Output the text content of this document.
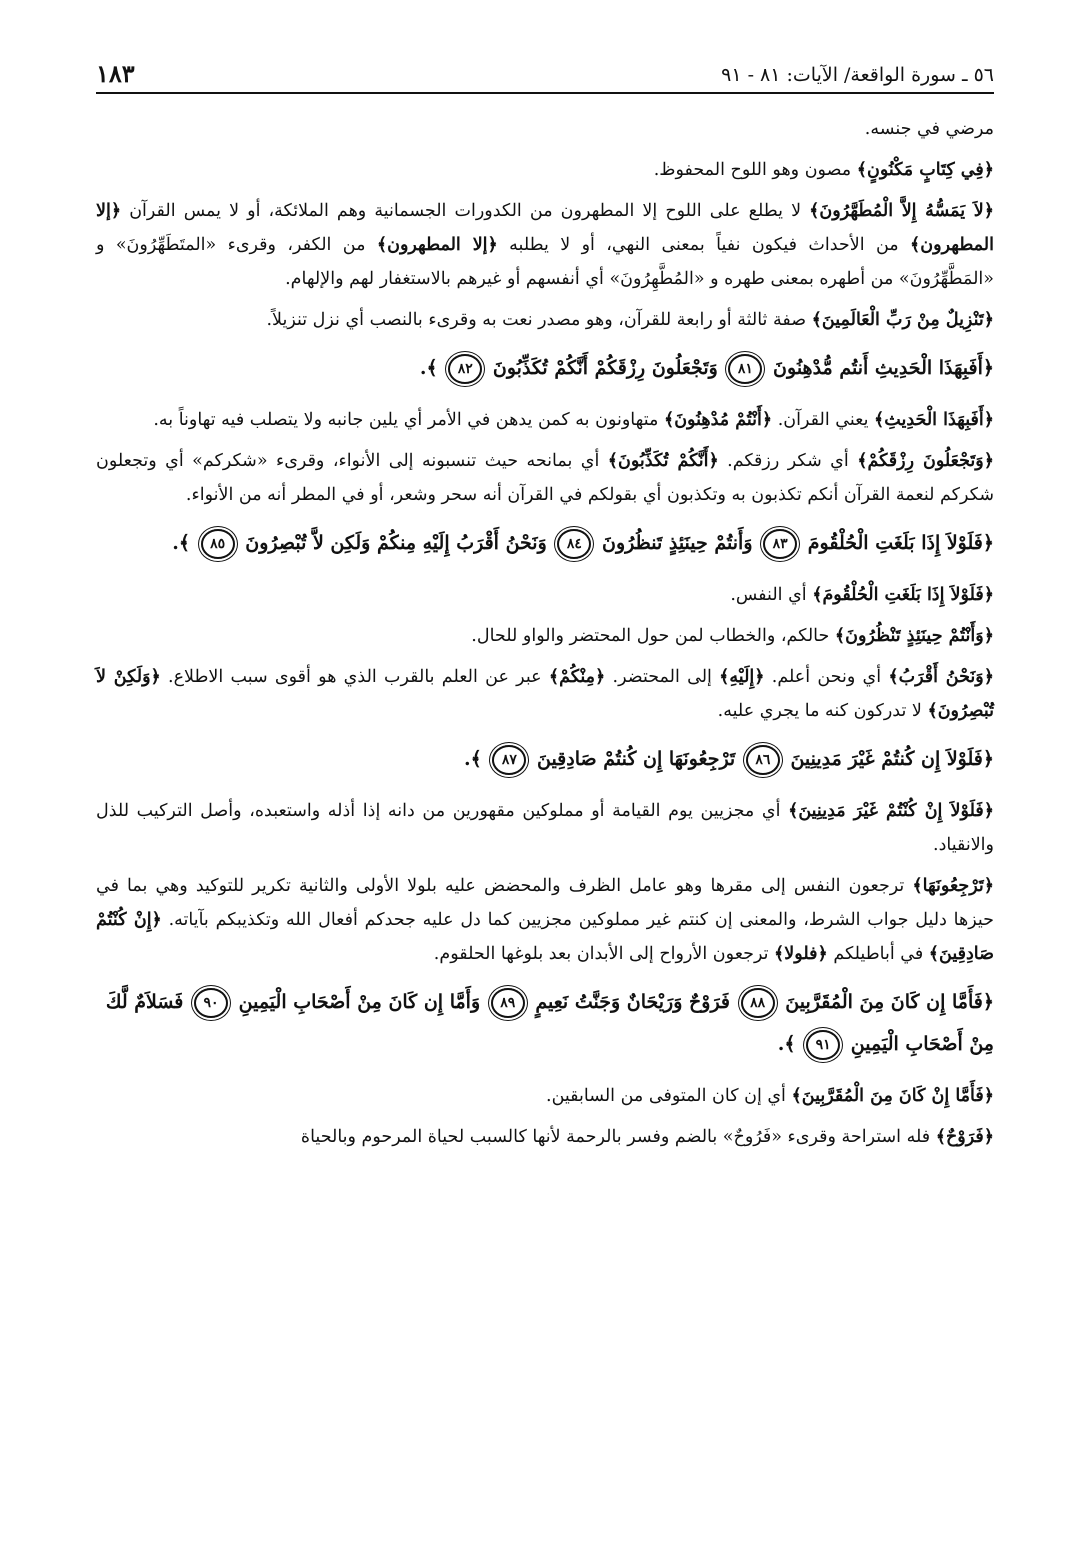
٥٦ ـ سورة الواقعة/ الآيات: ٨١ - ٩١
١٨٣

مرضي في جنسه.

﴿فِي كِتَابٍ مَكْنُونٍ﴾ مصون وهو اللوح المحفوظ.

﴿لاَ يَمَسُّهُ إِلاَّ الْمُطَهَّرُونَ﴾ لا يطلع على اللوح إلا المطهرون من الكدورات الجسمانية وهم الملائكة، أو لا يمس القرآن ﴿إلا المطهرون﴾ من الأحداث فيكون نفياً بمعنى النهي، أو لا يطلبه ﴿إلا المطهرون﴾ من الكفر، وقرىء «المتَطَهِّرُونَ» و «المَطَّهِّرُونَ» من أطهره بمعنى طهره و «المُطَّهِرُونَ» أي أنفسهم أو غيرهم بالاستغفار لهم والإلهام.

﴿تَنْزِيلٌ مِنْ رَبِّ الْعَالَمِينَ﴾ صفة ثالثة أو رابعة للقرآن، وهو مصدر نعت به وقرىء بالنصب أي نزل تنزيلاً.

﴿أَفَبِهَذَا الْحَدِيثِ أَنتُم مُّدْهِنُونَ ٨١ وَتَجْعَلُونَ رِزْقَكُمْ أَنَّكُمْ تُكَذِّبُونَ ٨٢ ﴾.

﴿أَفَبِهَذَا الْحَدِيثِ﴾ يعني القرآن. ﴿أَنْتُمْ مُدْهِنُونَ﴾ متهاونون به كمن يدهن في الأمر أي يلين جانبه ولا يتصلب فيه تهاوناً به.

﴿وَتَجْعَلُونَ رِزْقَكُمْ﴾ أي شكر رزقكم. ﴿أَنَّكُمْ تُكَذِّبُونَ﴾ أي بمانحه حيث تنسبونه إلى الأنواء، وقرىء «شكركم» أي وتجعلون شكركم لنعمة القرآن أنكم تكذبون به وتكذبون أي بقولكم في القرآن أنه سحر وشعر، أو في المطر أنه من الأنواء.

﴿فَلَوْلاَ إِذَا بَلَغَتِ الْحُلْقُومَ ٨٣ وَأَنتُمْ حِينَئِذٍ تَنظُرُونَ ٨٤ وَنَحْنُ أَقْرَبُ إِلَيْهِ مِنكُمْ وَلَكِن لاَّ تُبْصِرُونَ ٨٥ ﴾.

﴿فَلَوْلاَ إِذَا بَلَغَتِ الْحُلْقُومَ﴾ أي النفس.

﴿وَأَنْتُمْ حِينَئِذٍ تَنْظُرُونَ﴾ حالكم، والخطاب لمن حول المحتضر والواو للحال.

﴿وَنَحْنُ أَقْرَبُ﴾ أي ونحن أعلم. ﴿إِلَيْهِ﴾ إلى المحتضر. ﴿مِنْكُمْ﴾ عبر عن العلم بالقرب الذي هو أقوى سبب الاطلاع. ﴿وَلَكِنْ لاَ تُبْصِرُونَ﴾ لا تدركون كنه ما يجري عليه.

﴿فَلَوْلاَ إِن كُنتُمْ غَيْرَ مَدِينِينَ ٨٦ تَرْجِعُونَهَا إِن كُنتُمْ صَادِقِينَ ٨٧ ﴾.

﴿فَلَوْلاَ إِنْ كُنْتُمْ غَيْرَ مَدِينِينَ﴾ أي مجزيين يوم القيامة أو مملوكين مقهورين من دانه إذا أذله واستعبده، وأصل التركيب للذل والانقياد.

﴿تَرْجِعُونَهَا﴾ ترجعون النفس إلى مقرها وهو عامل الظرف والمحضض عليه بلولا الأولى والثانية تكرير للتوكيد وهي بما في حيزها دليل جواب الشرط، والمعنى إن كنتم غير مملوكين مجزيين كما دل عليه جحدكم أفعال الله وتكذيبكم بآياته. ﴿إِنْ كُنْتُمْ صَادِقِينَ﴾ في أباطيلكم ﴿فلولا﴾ ترجعون الأرواح إلى الأبدان بعد بلوغها الحلقوم.

﴿فَأَمَّا إِن كَانَ مِنَ الْمُقَرَّبِينَ ٨٨ فَرَوْحٌ وَرَيْحَانٌ وَجَنَّتُ نَعِيمٍ ٨٩ وَأَمَّا إِن كَانَ مِنْ أَصْحَابِ الْيَمِينِ ٩٠ فَسَلاَمٌ لَّكَ مِنْ أَصْحَابِ الْيَمِينِ ٩١ ﴾.

﴿فَأَمَّا إِنْ كَانَ مِنَ الْمُقَرَّبِينَ﴾ أي إن كان المتوفى من السابقين.

﴿فَرَوْحٌ﴾ فله استراحة وقرىء «فَرُوحٌ» بالضم وفسر بالرحمة لأنها كالسبب لحياة المرحوم وبالحياة
